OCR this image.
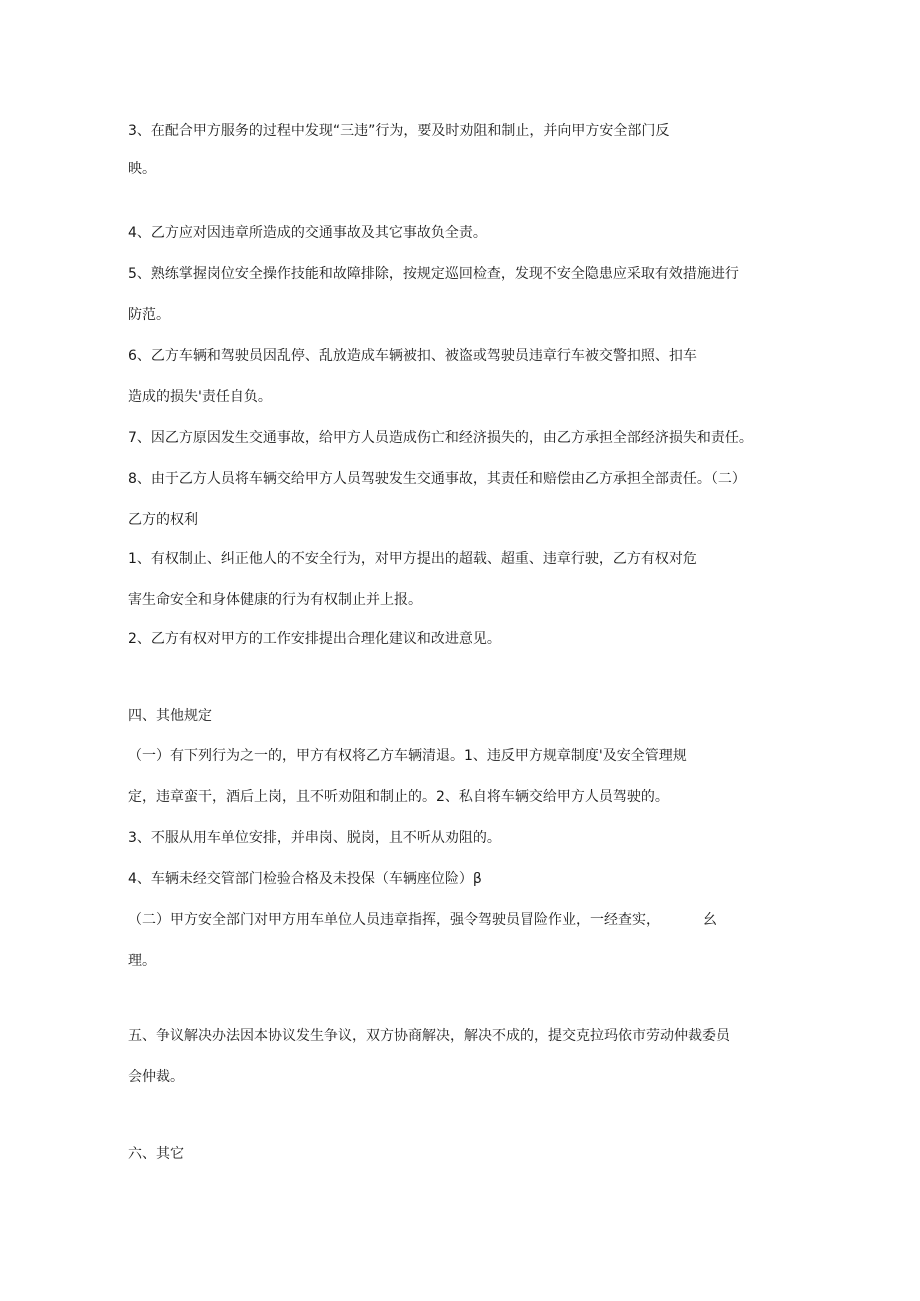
3、在配合甲方服务的过程中发现“三违”行为，要及时劝阻和制止，并向甲方安全部门反
映。
4、乙方应对因违章所造成的交通事故及其它事故负全责。
5、熟练掌握岗位安全操作技能和故障排除，按规定巡回检查，发现不安全隐患应采取有效措施进行
防范。
6、乙方车辆和驾驶员因乱停、乱放造成车辆被扣、被盗或驾驶员违章行车被交警扣照、扣车
造成的损失'责任自负。
7、因乙方原因发生交通事故，给甲方人员造成伤亡和经济损失的，由乙方承担全部经济损失和责任。
8、由于乙方人员将车辆交给甲方人员驾驶发生交通事故，其责任和赔偿由乙方承担全部责任。（二）
乙方的权利
1、有权制止、纠正他人的不安全行为，对甲方提出的超载、超重、违章行驶，乙方有权对危
害生命安全和身体健康的行为有权制止并上报。
2、乙方有权对甲方的工作安排提出合理化建议和改进意见。
四、其他规定
（一）有下列行为之一的，甲方有权将乙方车辆清退。1、违反甲方规章制度'及安全管理规
定，违章蛮干，酒后上岗，且不听劝阻和制止的。2、私自将车辆交给甲方人员驾驶的。
3、不服从用车单位安排，并串岗、脱岗，且不听从劝阻的。
4、车辆未经交管部门检验合格及未投保（车辆座位险）β
（二）甲方安全部门对甲方用车单位人员违章指挥，强令驾驶员冒险作业，一经查实，	幺
理。
五、争议解决办法因本协议发生争议，双方协商解决，解决不成的，提交克拉玛依市劳动仲裁委员
会仲裁。
六、其它
